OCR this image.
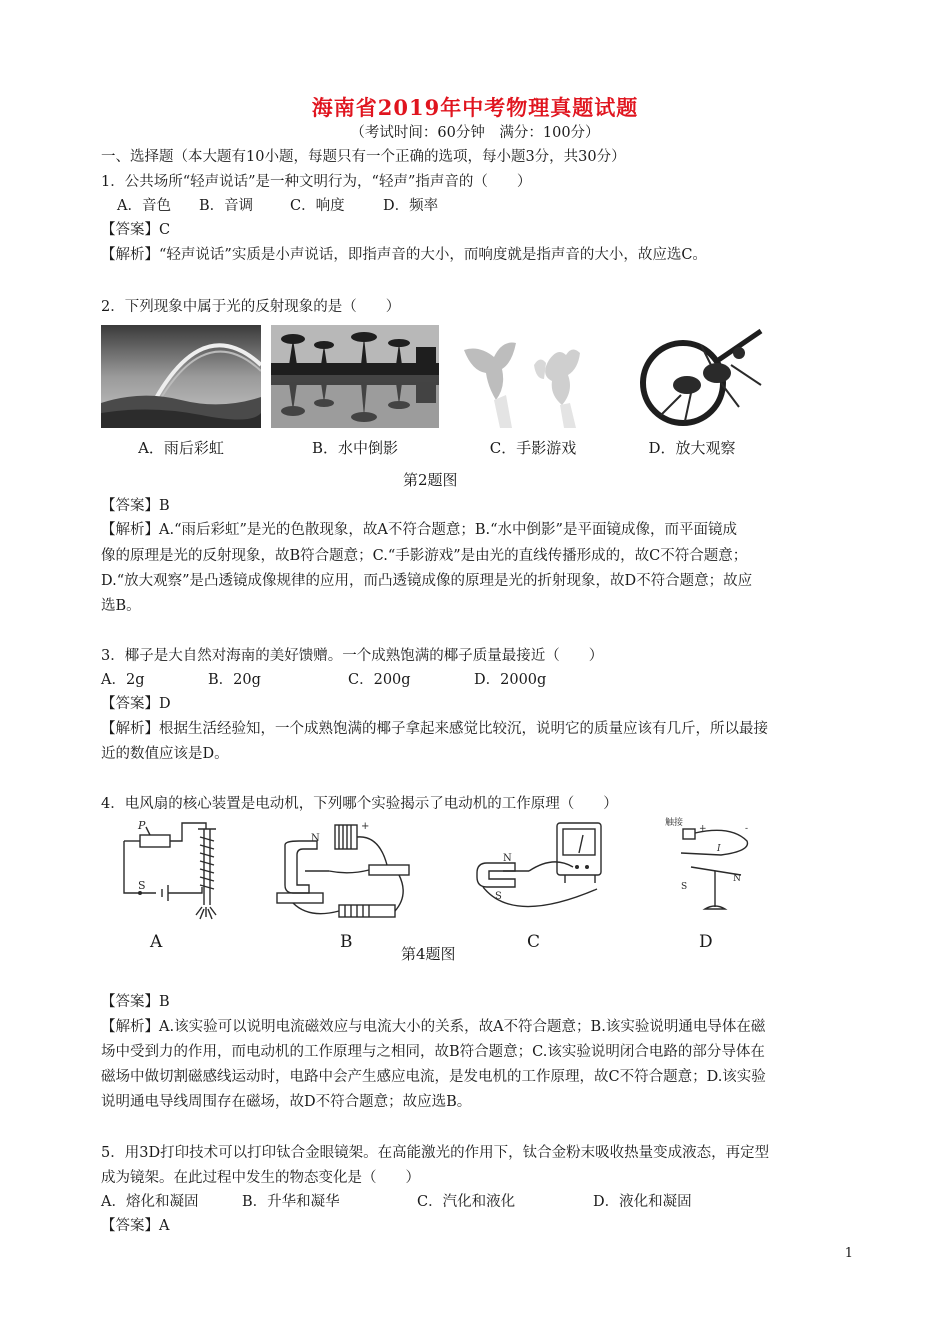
海南省2019年中考物理真题试题
（考试时间：60分钟　满分：100分）
一、选择题（本大题有10小题，每题只有一个正确的选项，每小题3分，共30分）
1．公共场所“轻声说话”是一种文明行为，“轻声”指声音的（　　）
A．音色 B．音调	C．响度	D．频率
【答案】C
【解析】“轻声说话”实质是小声说话，即指声音的大小，而响度就是指声音的大小，故应选C。
2．下列现象中属于光的反射现象的是（　　）
A．雨后彩虹	B．水中倒影	C．手影游戏	D．放大观察
第2题图
【答案】B
【解析】A.“雨后彩虹”是光的色散现象，故A不符合题意；B.“水中倒影”是平面镜成像，而平面镜成
像的原理是光的反射现象，故B符合题意；C.“手影游戏”是由光的直线传播形成的，故C不符合题意；
D.“放大观察”是凸透镜成像规律的应用，而凸透镜成像的原理是光的折射现象，故D不符合题意；故应
选B。
3．椰子是大自然对海南的美好馈赠。一个成熟饱满的椰子质量最接近（　　）
A．2g	B．20g	C．200g	D．2000g
【答案】D
【解析】根据生活经验知，一个成熟饱满的椰子拿起来感觉比较沉，说明它的质量应该有几斤，所以最接
近的数值应该是D。
4．电风扇的核心装置是电动机，下列哪个实验揭示了电动机的工作原理（　　）
P
S
A
N
+
B
N
S
C
触接
+	-
I
S
N
D
第4题图
【答案】B
【解析】A.该实验可以说明电流磁效应与电流大小的关系，故A不符合题意；B.该实验说明通电导体在磁
场中受到力的作用，而电动机的工作原理与之相同，故B符合题意；C.该实验说明闭合电路的部分导体在
磁场中做切割磁感线运动时，电路中会产生感应电流，是发电机的工作原理，故C不符合题意；D.该实验
说明通电导线周围存在磁场，故D不符合题意；故应选B。
5．用3D打印技术可以打印钛合金眼镜架。在高能激光的作用下，钛合金粉末吸收热量变成液态，再定型
成为镜架。在此过程中发生的物态变化是（　　）
A．熔化和凝固	B．升华和凝华	C．汽化和液化	D．液化和凝固
【答案】A
1
